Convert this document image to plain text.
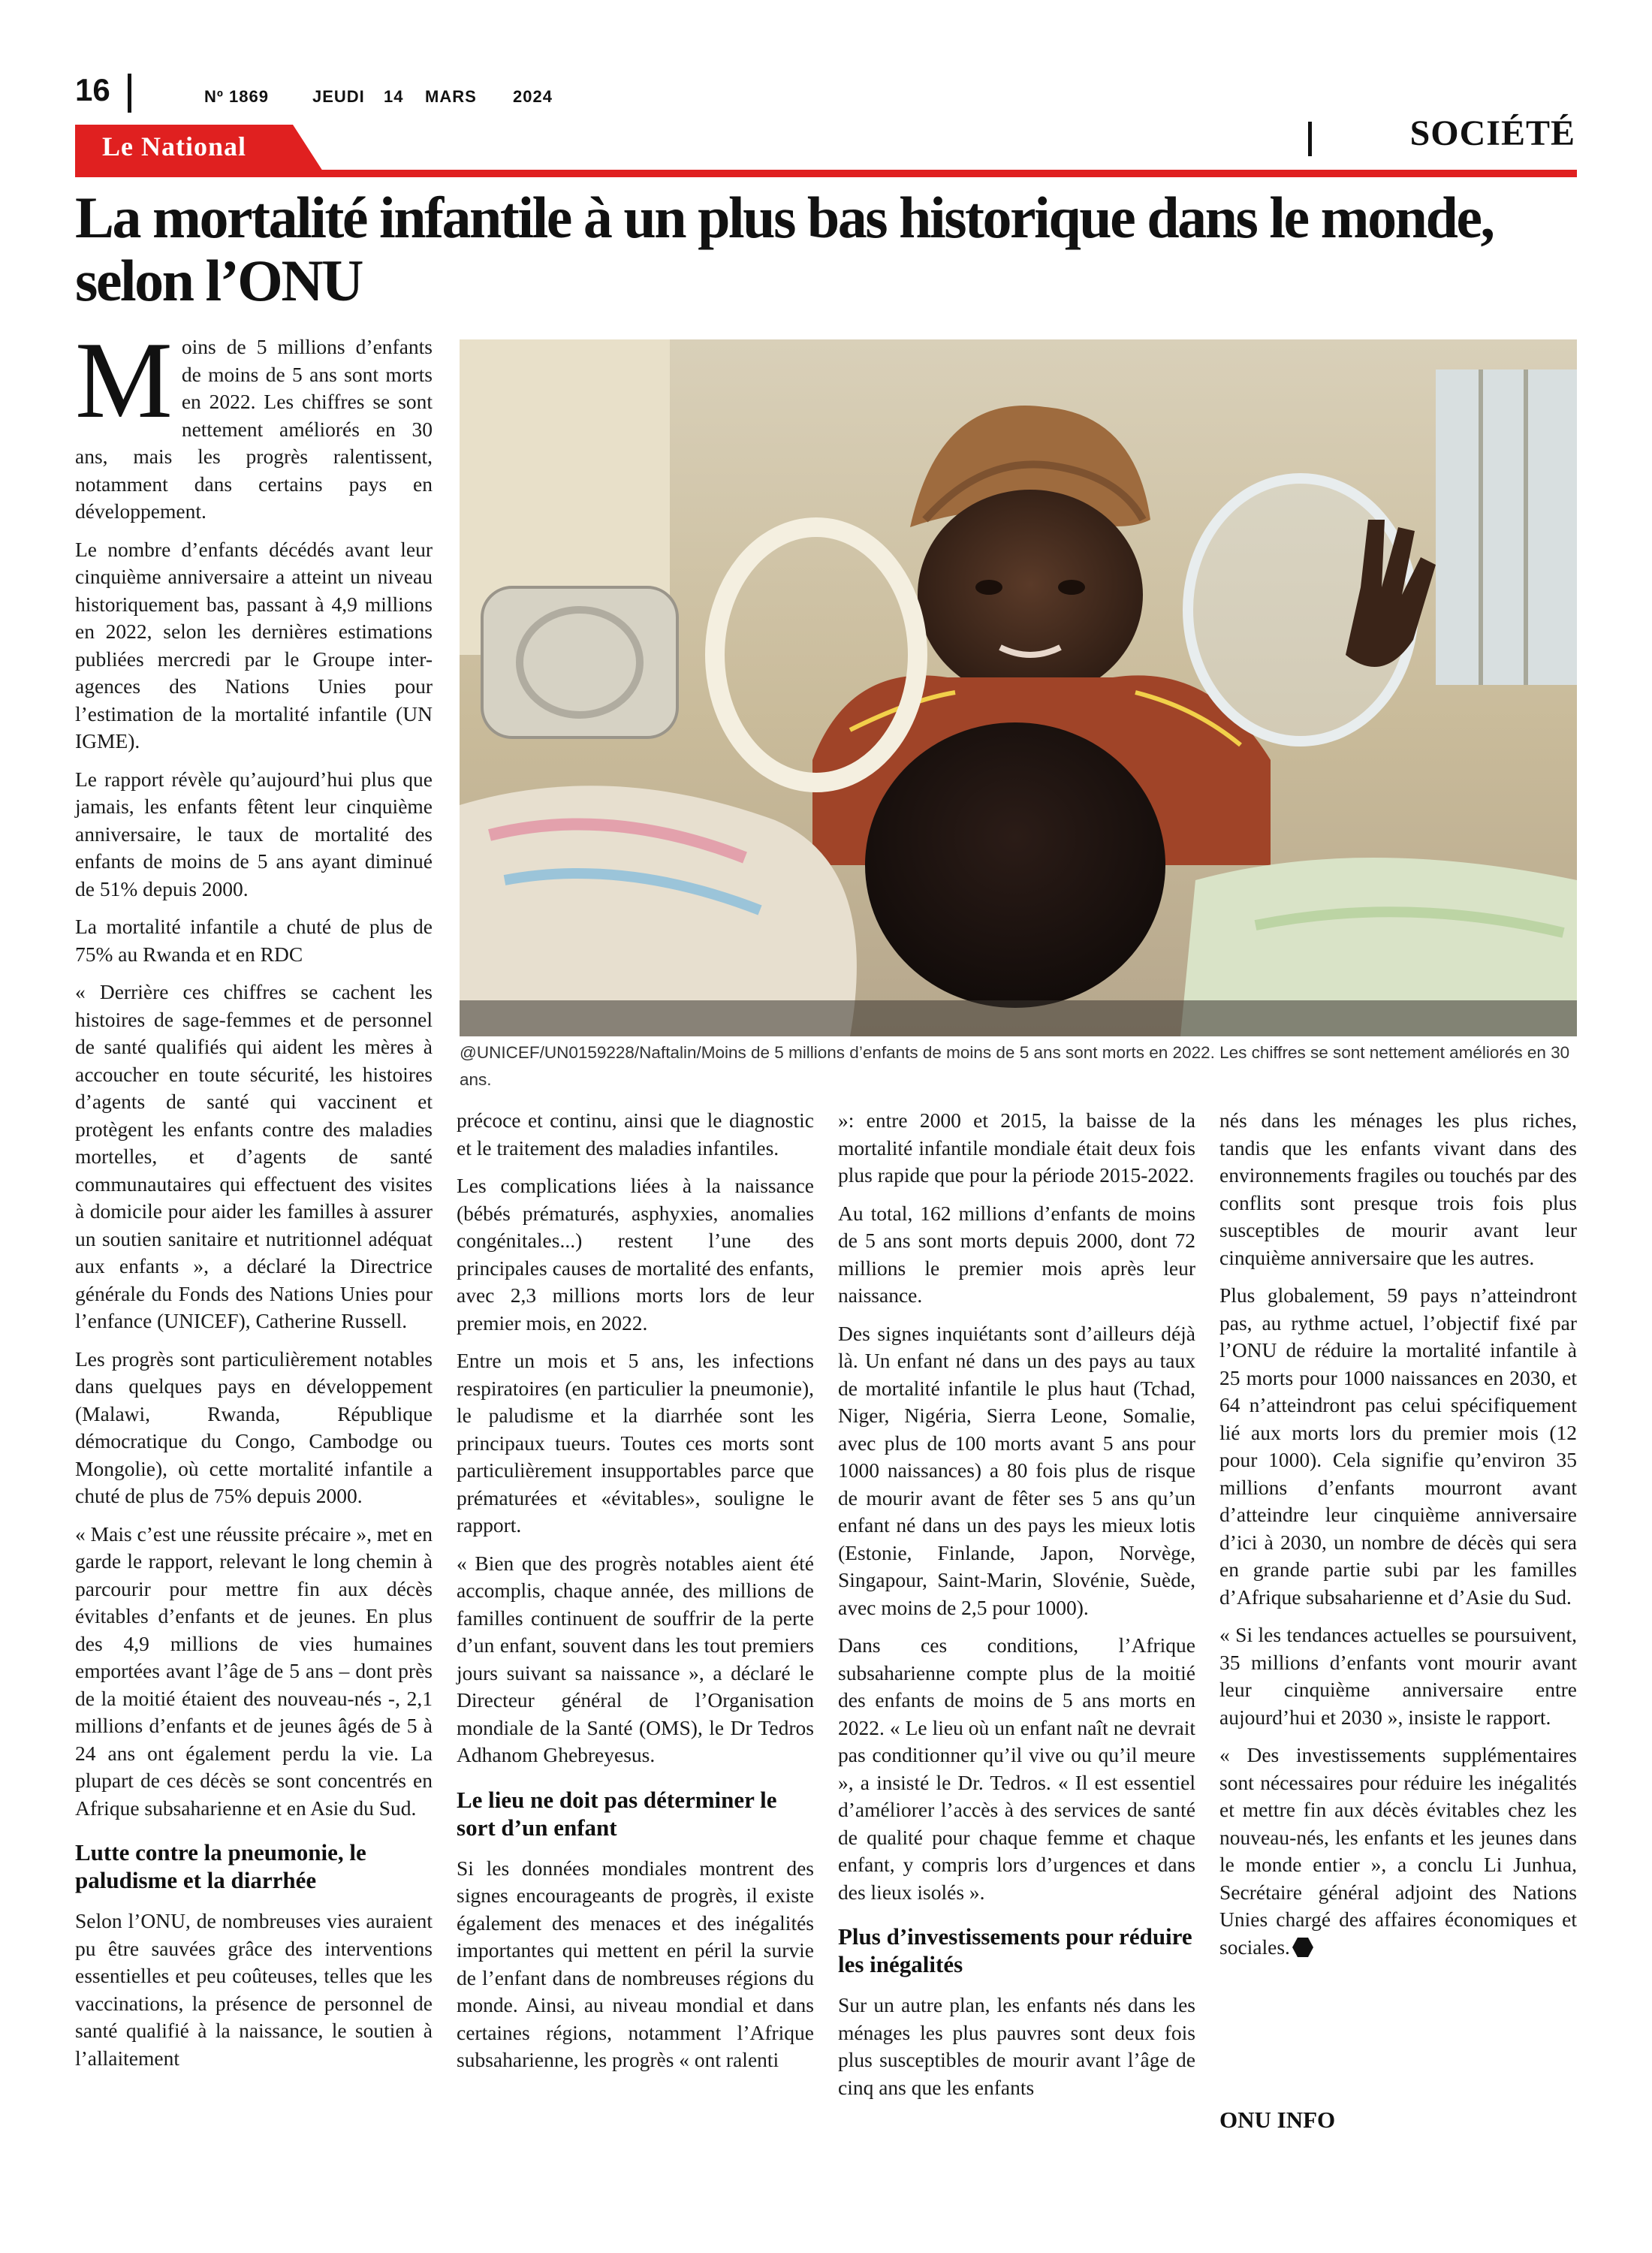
16	Nº 1869	JEUDI 14 MARS 2024
Le National	SOCIÉTÉ
La mortalité infantile à un plus bas historique dans le monde, selon l’ONU
@UNICEF/UN0159228/Naftalin/Moins de 5 millions d’enfants de moins de 5 ans sont morts en 2022. Les chiffres se sont nettement améliorés en 30 ans.

Moins de 5 millions d’enfants de moins de 5 ans sont morts en 2022. Les chiffres se sont nettement améliorés en 30 ans, mais les progrès ralentissent, notamment dans certains pays en développement.

Le nombre d’enfants décédés avant leur cinquième anniversaire a atteint un niveau historiquement bas, passant à 4,9 millions en 2022, selon les dernières estimations publiées mercredi par le Groupe inter-agences des Nations Unies pour l’estimation de la mortalité infantile (UN IGME).

Le rapport révèle qu’aujourd’hui plus que jamais, les enfants fêtent leur cinquième anniversaire, le taux de mortalité des enfants de moins de 5 ans ayant diminué de 51% depuis 2000.

La mortalité infantile a chuté de plus de 75% au Rwanda et en RDC

« Derrière ces chiffres se cachent les histoires de sage-femmes et de personnel de santé qualifiés qui aident les mères à accoucher en toute sécurité, les histoires d’agents de santé qui vaccinent et protègent les enfants contre des maladies mortelles, et d’agents de santé communautaires qui effectuent des visites à domicile pour aider les familles à assurer un soutien sanitaire et nutritionnel adéquat aux enfants », a déclaré la Directrice générale du Fonds des Nations Unies pour l’enfance (UNICEF), Catherine Russell.

Les progrès sont particulièrement notables dans quelques pays en développement (Malawi, Rwanda, République démocratique du Congo, Cambodge ou Mongolie), où cette mortalité infantile a chuté de plus de 75% depuis 2000.

« Mais c’est une réussite précaire », met en garde le rapport, relevant le long chemin à parcourir pour mettre fin aux décès évitables d’enfants et de jeunes. En plus des 4,9 millions de vies humaines emportées avant l’âge de 5 ans – dont près de la moitié étaient des nouveau-nés -, 2,1 millions d’enfants et de jeunes âgés de 5 à 24 ans ont également perdu la vie. La plupart de ces décès se sont concentrés en Afrique subsaharienne et en Asie du Sud.

Lutte contre la pneumonie, le paludisme et la diarrhée

Selon l’ONU, de nombreuses vies auraient pu être sauvées grâce des interventions essentielles et peu coûteuses, telles que les vaccinations, la présence de personnel de santé qualifié à la naissance, le soutien à l’allaitement

précoce et continu, ainsi que le diagnostic et le traitement des maladies infantiles.

Les complications liées à la naissance (bébés prématurés, asphyxies, anomalies congénitales...) restent l’une des principales causes de mortalité des enfants, avec 2,3 millions morts lors de leur premier mois, en 2022.

Entre un mois et 5 ans, les infections respiratoires (en particulier la pneumonie), le paludisme et la diarrhée sont les principaux tueurs. Toutes ces morts sont particulièrement insupportables parce que prématurées et «évitables», souligne le rapport.

« Bien que des progrès notables aient été accomplis, chaque année, des millions de familles continuent de souffrir de la perte d’un enfant, souvent dans les tout premiers jours suivant sa naissance », a déclaré le Directeur général de l’Organisation mondiale de la Santé (OMS), le Dr Tedros Adhanom Ghebreyesus.

Le lieu ne doit pas déterminer le sort d’un enfant

Si les données mondiales montrent des signes encourageants de progrès, il existe également des menaces et des inégalités importantes qui mettent en péril la survie de l’enfant dans de nombreuses régions du monde. Ainsi, au niveau mondial et dans certaines régions, notamment l’Afrique subsaharienne, les progrès « ont ralenti

»: entre 2000 et 2015, la baisse de la mortalité infantile mondiale était deux fois plus rapide que pour la période 2015-2022.

Au total, 162 millions d’enfants de moins de 5 ans sont morts depuis 2000, dont 72 millions le premier mois après leur naissance.

Des signes inquiétants sont d’ailleurs déjà là. Un enfant né dans un des pays au taux de mortalité infantile le plus haut (Tchad, Niger, Nigéria, Sierra Leone, Somalie, avec plus de 100 morts avant 5 ans pour 1000 naissances) a 80 fois plus de risque de mourir avant de fêter ses 5 ans qu’un enfant né dans un des pays les mieux lotis (Estonie, Finlande, Japon, Norvège, Singapour, Saint-Marin, Slovénie, Suède, avec moins de 2,5 pour 1000).

Dans ces conditions, l’Afrique subsaharienne compte plus de la moitié des enfants de moins de 5 ans morts en 2022. « Le lieu où un enfant naît ne devrait pas conditionner qu’il vive ou qu’il meure », a insisté le Dr. Tedros. « Il est essentiel d’améliorer l’accès à des services de santé de qualité pour chaque femme et chaque enfant, y compris lors d’urgences et dans des lieux isolés ».

Plus d’investissements pour réduire les inégalités

Sur un autre plan, les enfants nés dans les ménages les plus pauvres sont deux fois plus susceptibles de mourir avant l’âge de cinq ans que les enfants

nés dans les ménages les plus riches, tandis que les enfants vivant dans des environnements fragiles ou touchés par des conflits sont presque trois fois plus susceptibles de mourir avant leur cinquième anniversaire que les autres.

Plus globalement, 59 pays n’atteindront pas, au rythme actuel, l’objectif fixé par l’ONU de réduire la mortalité infantile à 25 morts pour 1000 naissances en 2030, et 64 n’atteindront pas celui spécifiquement lié aux morts lors du premier mois (12 pour 1000). Cela signifie qu’environ 35 millions d’enfants mourront avant d’atteindre leur cinquième anniversaire d’ici à 2030, un nombre de décès qui sera en grande partie subi par les familles d’Afrique subsaharienne et d’Asie du Sud.

« Si les tendances actuelles se poursuivent, 35 millions d’enfants vont mourir avant leur cinquième anniversaire entre aujourd’hui et 2030 », insiste le rapport.

« Des investissements supplémentaires sont nécessaires pour réduire les inégalités et mettre fin aux décès évitables chez les nouveau-nés, les enfants et les jeunes dans le monde entier », a conclu Li Junhua, Secrétaire général adjoint des Nations Unies chargé des affaires économiques et sociales.

ONU INFO
